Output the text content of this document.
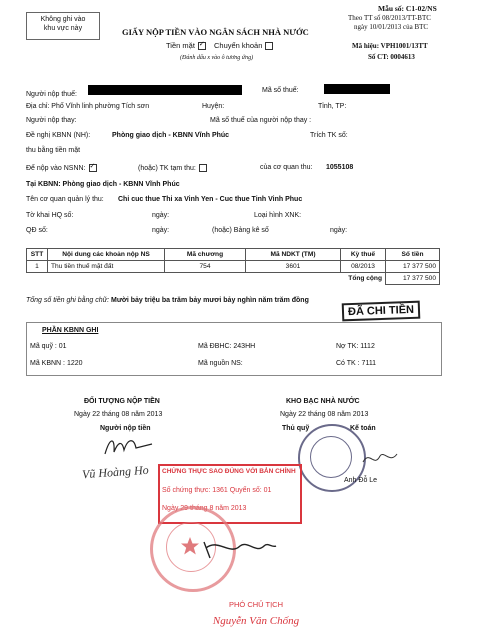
Không ghi vào
khu vực này	GIẤY NỘP TIỀN VÀO NGÂN SÁCH NHÀ NƯỚC
Mẫu số: C1-02/NS
Theo TT số 08/2013/TT-BTC
ngày 10/01/2013 của BTC
Tiền mặt ✓	Chuyển khoản
(Đánh dấu x vào ô tương ứng)
Mã hiệu: VPH1001/13TT
Số CT: 0004613
Người nộp thuế:
Mã số thuế:
Địa chỉ: Phố Vĩnh linh phường Tích sơn	Huyện:	Tỉnh, TP:
Người nộp thay:	Mã số thuế của người nộp thay :
Đề nghị KBNN (NH):	Phòng giao dịch - KBNN Vĩnh Phúc	Trích TK số:
thu bằng tiền mặt
Để nộp vào NSNN: ✓	(hoặc) TK tạm thu:	của cơ quan thu: 1055108
Tại KBNN: Phòng giao dịch - KBNN Vĩnh Phúc
Tên cơ quan quản lý thu: Chi cuc thue Thi xa Vinh Yen - Cuc thue Tinh Vinh Phuc
Tờ khai HQ số:	ngày:	Loại hình XNK:
QĐ số:	ngày:	(hoặc) Bảng kê số	ngày:
STT	Nội dung các khoản nộp NS	Mã chương	Mã NDKT (TM)	Kỳ thuế	Số tiền
1	Thu tiền thuế mặt đất	754	3601	08/2013	17 377 500
Tổng cộng					17 377 500
Tổng số tiền ghi bằng chữ: Mười bảy triệu ba trăm bảy mươi bảy nghìn năm trăm đồng
ĐÃ CHI TIỀN
PHẦN KBNN GHI
Mã quỹ : 01	Mã ĐBHC: 243HH	Nợ TK: 1112
Mã KBNN : 1220	Mã nguồn NS:	Có TK : 7111
ĐỐI TƯỢNG NỘP TIỀN
Ngày 22 tháng 08 năm 2013
Người nộp tiền
KHO BẠC NHÀ NƯỚC
Ngày 22 tháng 08 năm 2013
Thủ quỹ	Kế toán
Vũ Hoàng Ho	Anh Đỗ Le
CHỨNG THỰC SAO ĐÚNG VỚI BẢN CHÍNH
Số chứng thực: 1361 Quyển số: 01
Ngày 29 tháng 8 năm 2013
PHÓ CHỦ TỊCH
Nguyễn Văn Chống
